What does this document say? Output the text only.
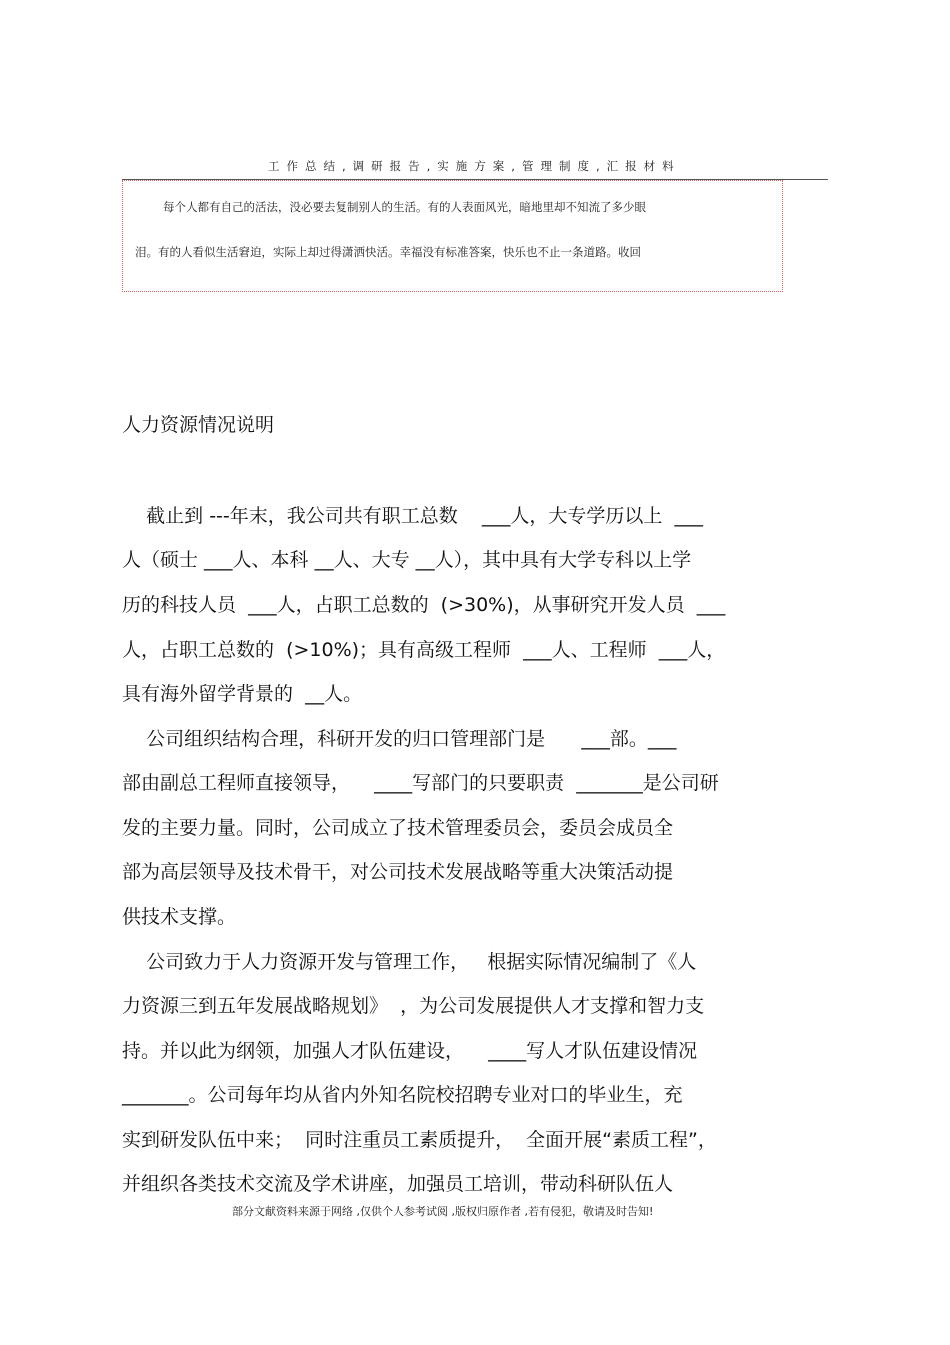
工作总结,调研报告,实施方案,管理制度,汇报材料
每个人都有自己的活法，没必要去复制别人的生活。有的人表面风光，暗地里却不知流了多少眼
泪。有的人看似生活窘迫，实际上却过得潇洒快活。幸福没有标准答案，快乐也不止一条道路。收回
人力资源情况说明
截止到 ---年末，我公司共有职工总数    ___人，大专学历以上  ___
人（硕士 ___人、本科 __人、大专 __人），其中具有大学专科以上学
历的科技人员  ___人，占职工总数的  (>30%)，从事研究开发人员  ___
人，占职工总数的  (>10%)；具有高级工程师  ___人、工程师  ___人，
具有海外留学背景的  __人。
公司组织结构合理，科研开发的归口管理部门是      ___部。___
部由副总工程师直接领导，    ____写部门的只要职责  _______是公司研
发的主要力量。同时，公司成立了技术管理委员会，委员会成员全
部为高层领导及技术骨干，对公司技术发展战略等重大决策活动提
供技术支撑。
公司致力于人力资源开发与管理工作，   根据实际情况编制了《人
力资源三到五年发展战略规划》  ，为公司发展提供人才支撑和智力支
持。并以此为纲领，加强人才队伍建设，    ____写人才队伍建设情况
_______。公司每年均从省内外知名院校招聘专业对口的毕业生，充
实到研发队伍中来；  同时注重员工素质提升，  全面开展“素质工程”，
并组织各类技术交流及学术讲座，加强员工培训，带动科研队伍人
部分文献资料来源于网络 ,仅供个人参考试阅 ,版权归原作者 ,若有侵犯，敬请及时告知!
